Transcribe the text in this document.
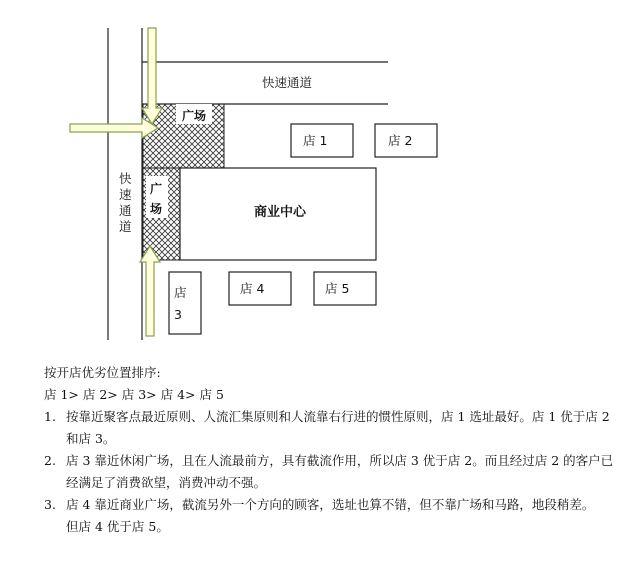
快速通道
快
速
通
道
广场
广
场
店 1	店 2
店
3
店 4	店 5
商业中心

按开店优劣位置排序:

店 1> 店 2> 店 3> 店 4> 店 5

1. 按靠近聚客点最近原则、人流汇集原则和人流靠右行进的惯性原则，店 1 选址最好。店 1 优于店 2
和店 3。
2. 店 3 靠近休闲广场，且在人流最前方，具有截流作用，所以店 3 优于店 2。而且经过店 2 的客户已
经满足了消费欲望，消费冲动不强。
3. 店 4 靠近商业广场，截流另外一个方向的顾客，选址也算不错，但不靠广场和马路，地段稍差。
但店 4 优于店 5。
